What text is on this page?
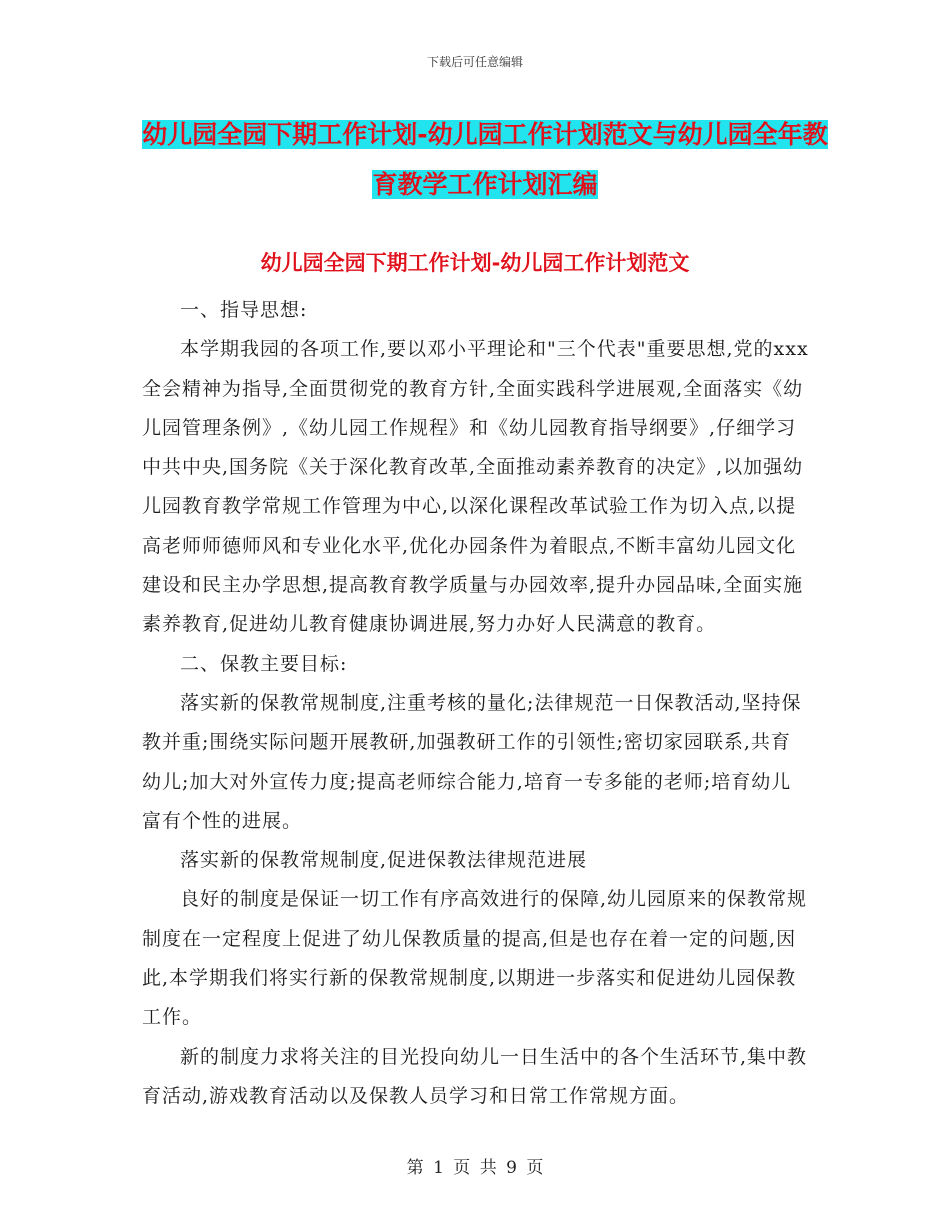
下载后可任意编辑
幼儿园全园下期工作计划-幼儿园工作计划范文与幼儿园全年教育教学工作计划汇编
幼儿园全园下期工作计划-幼儿园工作计划范文

一、指导思想:

本学期我园的各项工作,要以邓小平理论和"三个代表"重要思想,党的xxx全会精神为指导,全面贯彻党的教育方针,全面实践科学进展观,全面落实《幼儿园管理条例》,《幼儿园工作规程》和《幼儿园教育指导纲要》,仔细学习中共中央,国务院《关于深化教育改革,全面推动素养教育的决定》,以加强幼儿园教育教学常规工作管理为中心,以深化课程改革试验工作为切入点,以提高老师师德师风和专业化水平,优化办园条件为着眼点,不断丰富幼儿园文化建设和民主办学思想,提高教育教学质量与办园效率,提升办园品味,全面实施素养教育,促进幼儿教育健康协调进展,努力办好人民满意的教育。

二、保教主要目标:

落实新的保教常规制度,注重考核的量化;法律规范一日保教活动,坚持保教并重;围绕实际问题开展教研,加强教研工作的引领性;密切家园联系,共育幼儿;加大对外宣传力度;提高老师综合能力,培育一专多能的老师;培育幼儿富有个性的进展。

落实新的保教常规制度,促进保教法律规范进展

良好的制度是保证一切工作有序高效进行的保障,幼儿园原来的保教常规制度在一定程度上促进了幼儿保教质量的提高,但是也存在着一定的问题,因此,本学期我们将实行新的保教常规制度,以期进一步落实和促进幼儿园保教工作。

新的制度力求将关注的目光投向幼儿一日生活中的各个生活环节,集中教育活动,游戏教育活动以及保教人员学习和日常工作常规方面。

第 1 页 共 9 页
